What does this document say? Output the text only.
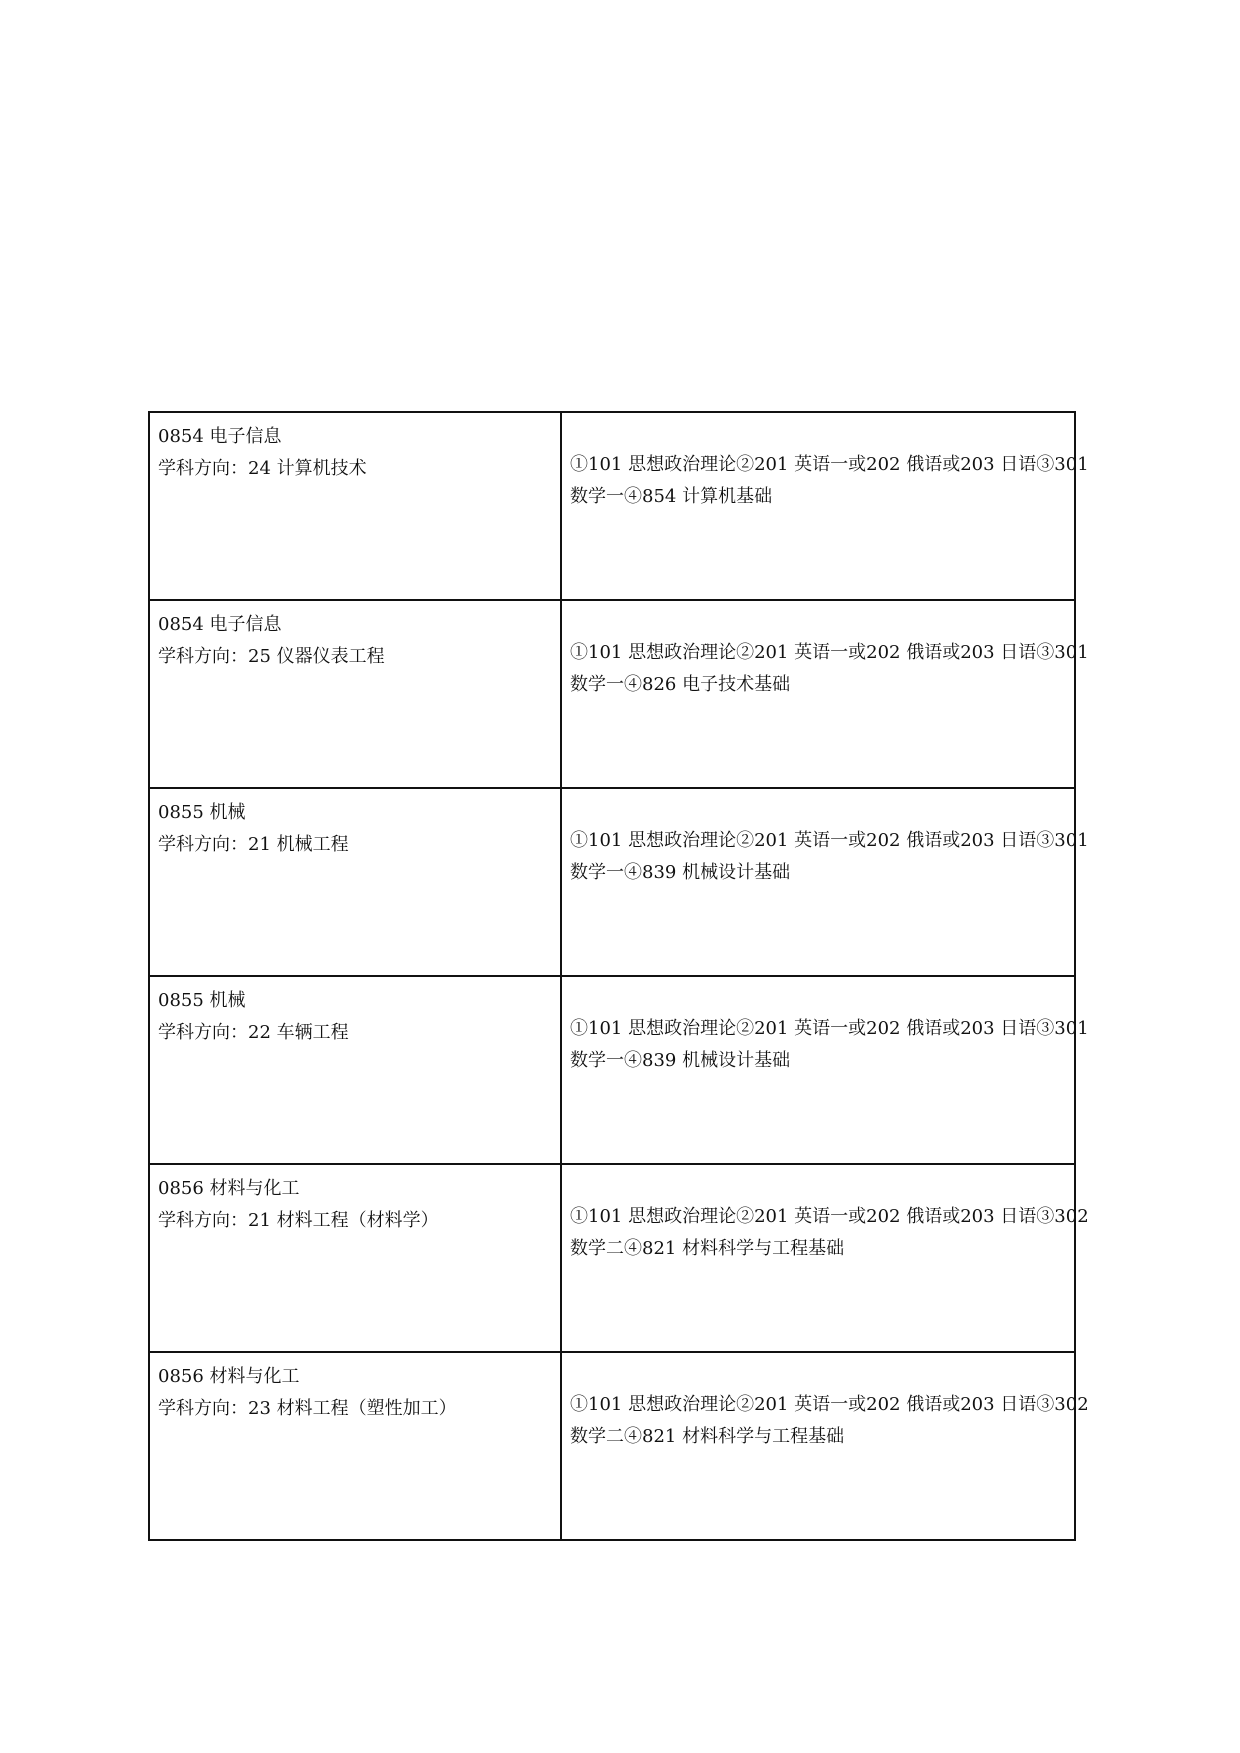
0854 电子信息
学科方向：24 计算机技术	①101 思想政治理论②201 英语一或202 俄语或203 日语③301
数学一④854 计算机基础

0854 电子信息
学科方向：25 仪器仪表工程	①101 思想政治理论②201 英语一或202 俄语或203 日语③301
数学一④826 电子技术基础

0855 机械
学科方向：21 机械工程	①101 思想政治理论②201 英语一或202 俄语或203 日语③301
数学一④839 机械设计基础

0855 机械
学科方向：22 车辆工程	①101 思想政治理论②201 英语一或202 俄语或203 日语③301
数学一④839 机械设计基础

0856 材料与化工
学科方向：21 材料工程（材料学）	①101 思想政治理论②201 英语一或202 俄语或203 日语③302
数学二④821 材料科学与工程基础

0856 材料与化工
学科方向：23 材料工程（塑性加工）	①101 思想政治理论②201 英语一或202 俄语或203 日语③302
数学二④821 材料科学与工程基础
